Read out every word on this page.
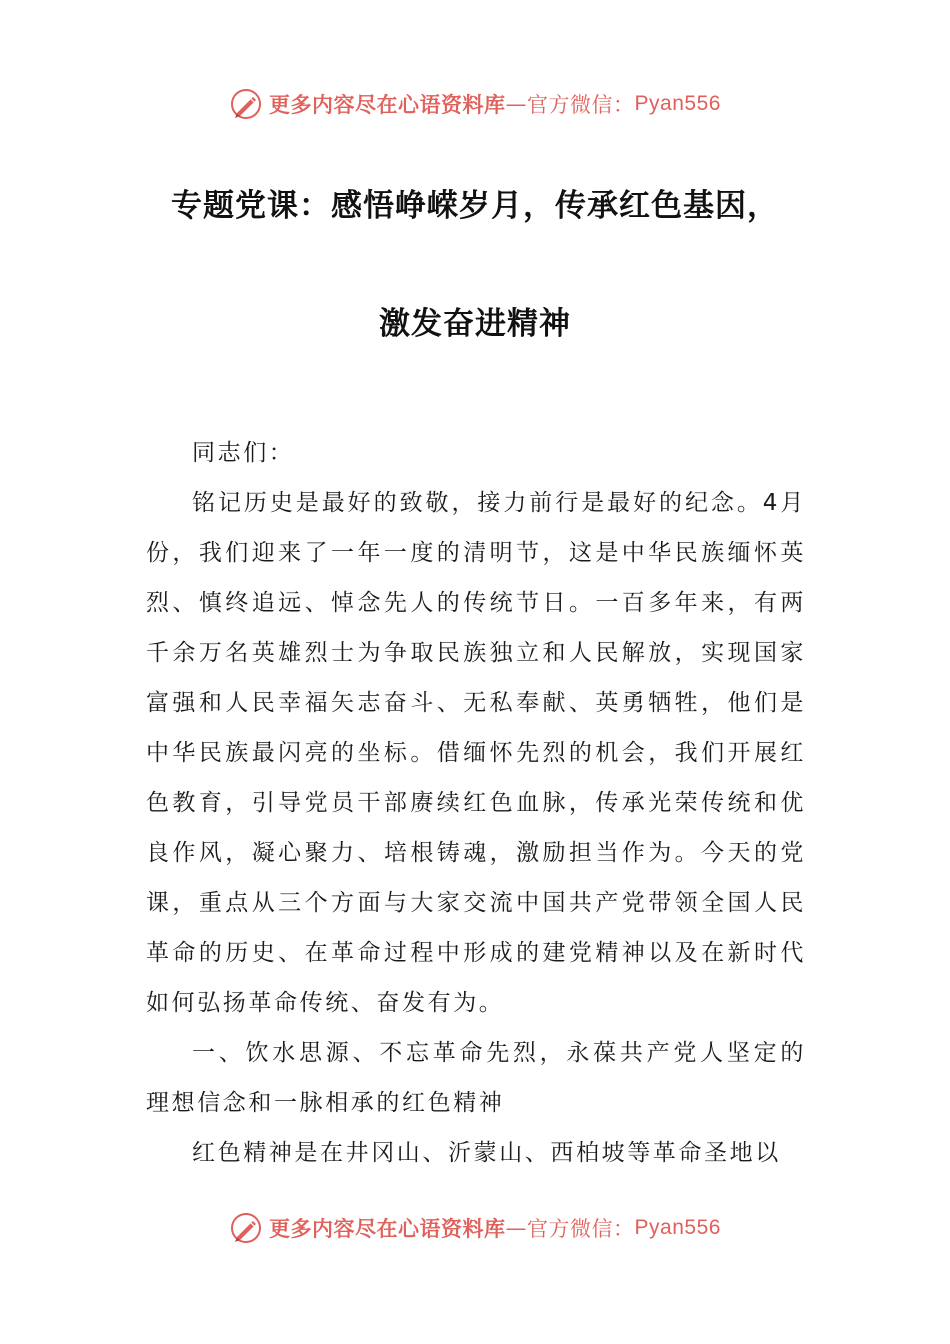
更多内容尽在心语资料库 — 官方微信： Pyan556
专题党课：感悟峥嵘岁月，传承红色基因，
激发奋进精神

同志们：

铭记历史是最好的致敬，接力前行是最好的纪念。4月份，我们迎来了一年一度的清明节，这是中华民族缅怀英烈、慎终追远、悼念先人的传统节日。一百多年来，有两千余万名英雄烈士为争取民族独立和人民解放，实现国家富强和人民幸福矢志奋斗、无私奉献、英勇牺牲，他们是中华民族最闪亮的坐标。借缅怀先烈的机会，我们开展红色教育，引导党员干部赓续红色血脉，传承光荣传统和优良作风，凝心聚力、培根铸魂，激励担当作为。今天的党课，重点从三个方面与大家交流中国共产党带领全国人民革命的历史、在革命过程中形成的建党精神以及在新时代如何弘扬革命传统、奋发有为。

一、饮水思源、不忘革命先烈，永葆共产党人坚定的理想信念和一脉相承的红色精神

红色精神是在井冈山、沂蒙山、西柏坡等革命圣地以

更多内容尽在心语资料库 — 官方微信： Pyan556
